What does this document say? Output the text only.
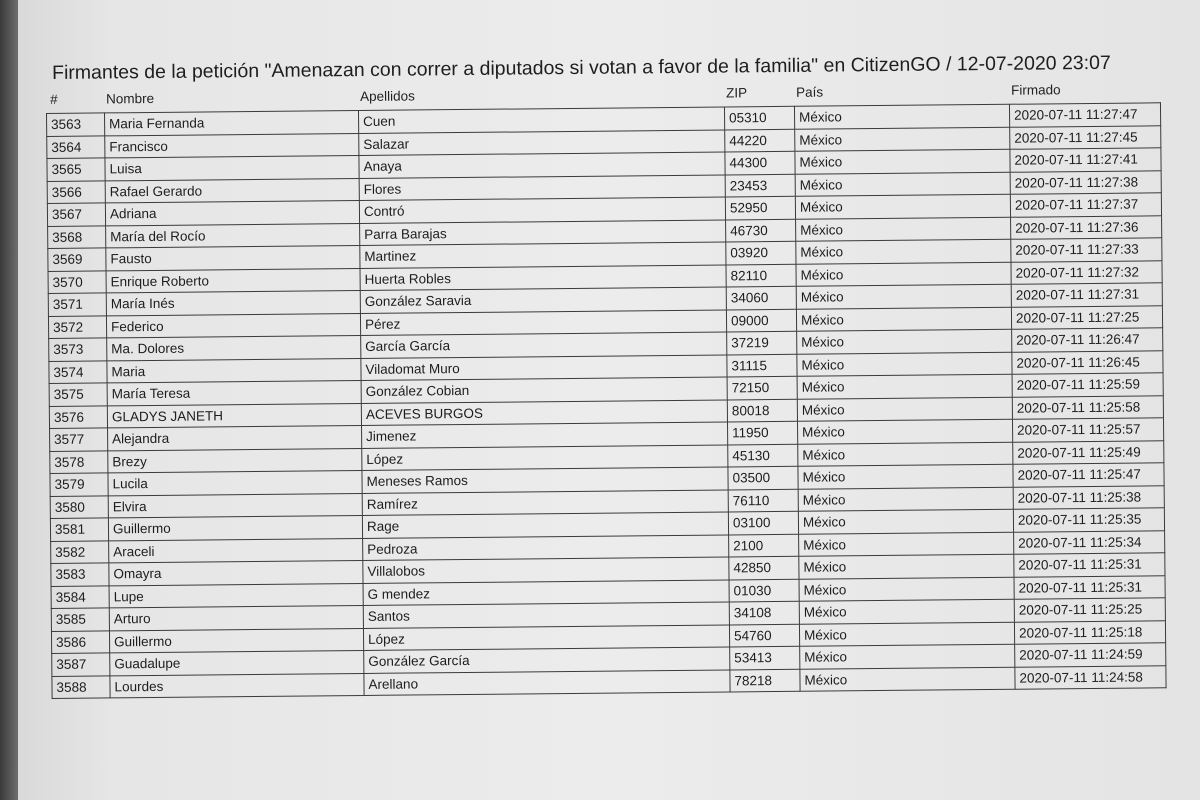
Firmantes de la petición "Amenazan con correr a diputados si votan a favor de la familia" en CitizenGO / 12-07-2020 23:07
#	Nombre	Apellidos	ZIP	País	Firmado
3563	Maria Fernanda	Cuen	05310	México	2020-07-11 11:27:47
3564	Francisco	Salazar	44220	México	2020-07-11 11:27:45
3565	Luisa	Anaya	44300	México	2020-07-11 11:27:41
3566	Rafael Gerardo	Flores	23453	México	2020-07-11 11:27:38
3567	Adriana	Contró	52950	México	2020-07-11 11:27:37
3568	María del Rocío	Parra Barajas	46730	México	2020-07-11 11:27:36
3569	Fausto	Martinez	03920	México	2020-07-11 11:27:33
3570	Enrique Roberto	Huerta Robles	82110	México	2020-07-11 11:27:32
3571	María Inés	González Saravia	34060	México	2020-07-11 11:27:31
3572	Federico	Pérez	09000	México	2020-07-11 11:27:25
3573	Ma. Dolores	García García	37219	México	2020-07-11 11:26:47
3574	Maria	Viladomat Muro	31115	México	2020-07-11 11:26:45
3575	María Teresa	González Cobian	72150	México	2020-07-11 11:25:59
3576	GLADYS JANETH	ACEVES BURGOS	80018	México	2020-07-11 11:25:58
3577	Alejandra	Jimenez	11950	México	2020-07-11 11:25:57
3578	Brezy	López	45130	México	2020-07-11 11:25:49
3579	Lucila	Meneses Ramos	03500	México	2020-07-11 11:25:47
3580	Elvira	Ramírez	76110	México	2020-07-11 11:25:38
3581	Guillermo	Rage	03100	México	2020-07-11 11:25:35
3582	Araceli	Pedroza	2100	México	2020-07-11 11:25:34
3583	Omayra	Villalobos	42850	México	2020-07-11 11:25:31
3584	Lupe	G mendez	01030	México	2020-07-11 11:25:31
3585	Arturo	Santos	34108	México	2020-07-11 11:25:25
3586	Guillermo	López	54760	México	2020-07-11 11:25:18
3587	Guadalupe	González García	53413	México	2020-07-11 11:24:59
3588	Lourdes	Arellano	78218	México	2020-07-11 11:24:58
